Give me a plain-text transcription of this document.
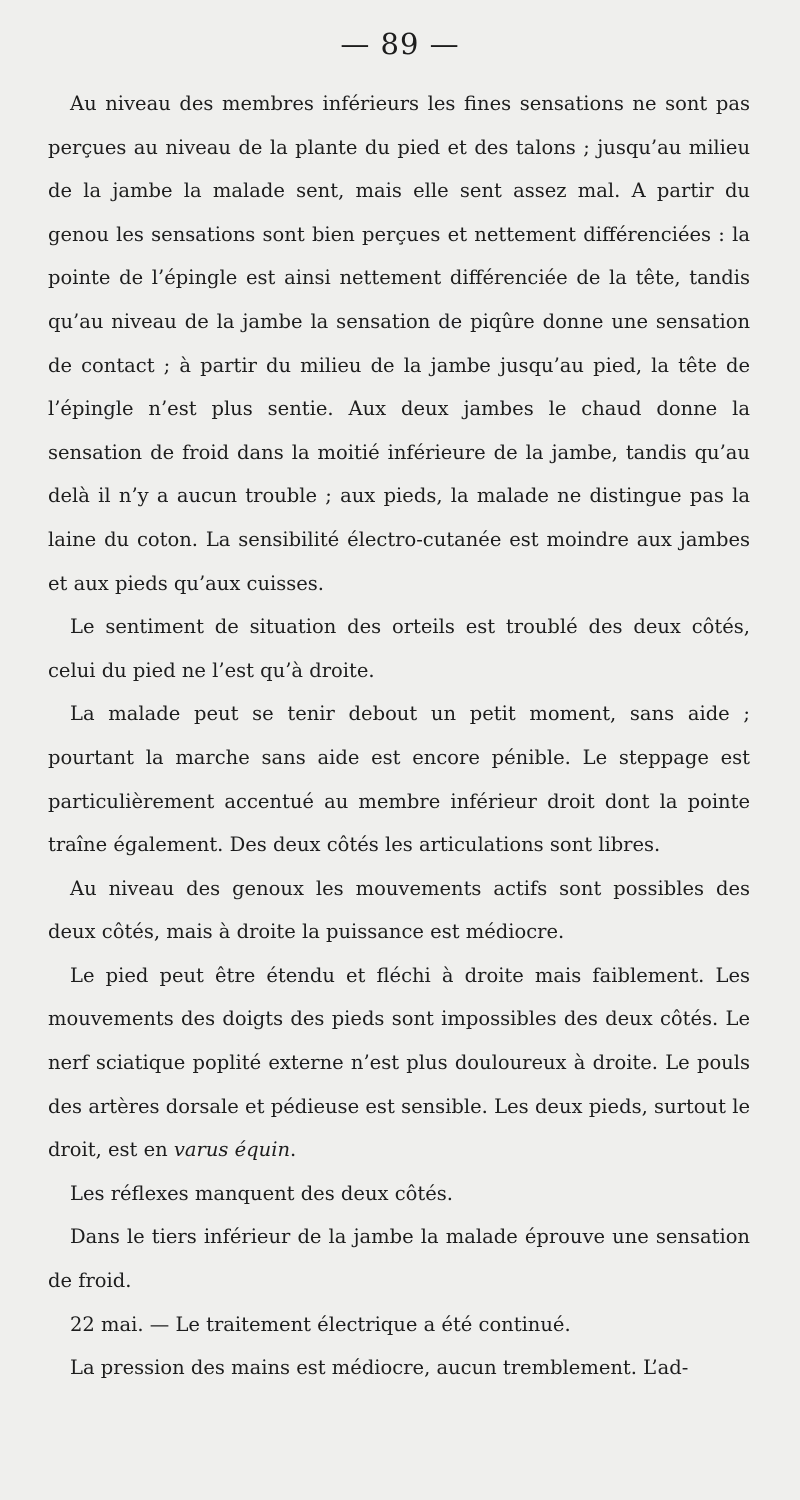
— 89 —

Au niveau des membres inférieurs les fines sensations ne sont pas perçues au niveau de la plante du pied et des talons ; jusqu’au milieu de la jambe la malade sent, mais elle sent assez mal. A partir du genou les sensations sont bien perçues et nettement différenciées : la pointe de l’épingle est ainsi nettement différenciée de la tête, tandis qu’au niveau de la jambe la sensation de piqûre donne une sensation de contact ; à partir du milieu de la jambe jusqu’au pied, la tête de l’épingle n’est plus sentie. Aux deux jambes le chaud donne la sensation de froid dans la moitié inférieure de la jambe, tandis qu’au delà il n’y a aucun trouble ; aux pieds, la malade ne distingue pas la laine du coton. La sensibilité électro-cutanée est moindre aux jambes et aux pieds qu’aux cuisses.

Le sentiment de situation des orteils est troublé des deux côtés, celui du pied ne l’est qu’à droite.

La malade peut se tenir debout un petit moment, sans aide ; pourtant la marche sans aide est encore pénible. Le steppage est particulièrement accentué au membre inférieur droit dont la pointe traîne également. Des deux côtés les articulations sont libres.

Au niveau des genoux les mouvements actifs sont possibles des deux côtés, mais à droite la puissance est médiocre.

Le pied peut être étendu et fléchi à droite mais faiblement. Les mouvements des doigts des pieds sont impossibles des deux côtés. Le nerf sciatique poplité externe n’est plus douloureux à droite. Le pouls des artères dorsale et pédieuse est sensible. Les deux pieds, surtout le droit, est en varus équin.

Les réflexes manquent des deux côtés.

Dans le tiers inférieur de la jambe la malade éprouve une sensation de froid.

22 mai. — Le traitement électrique a été continué.

La pression des mains est médiocre, aucun tremblement. L’ad-
